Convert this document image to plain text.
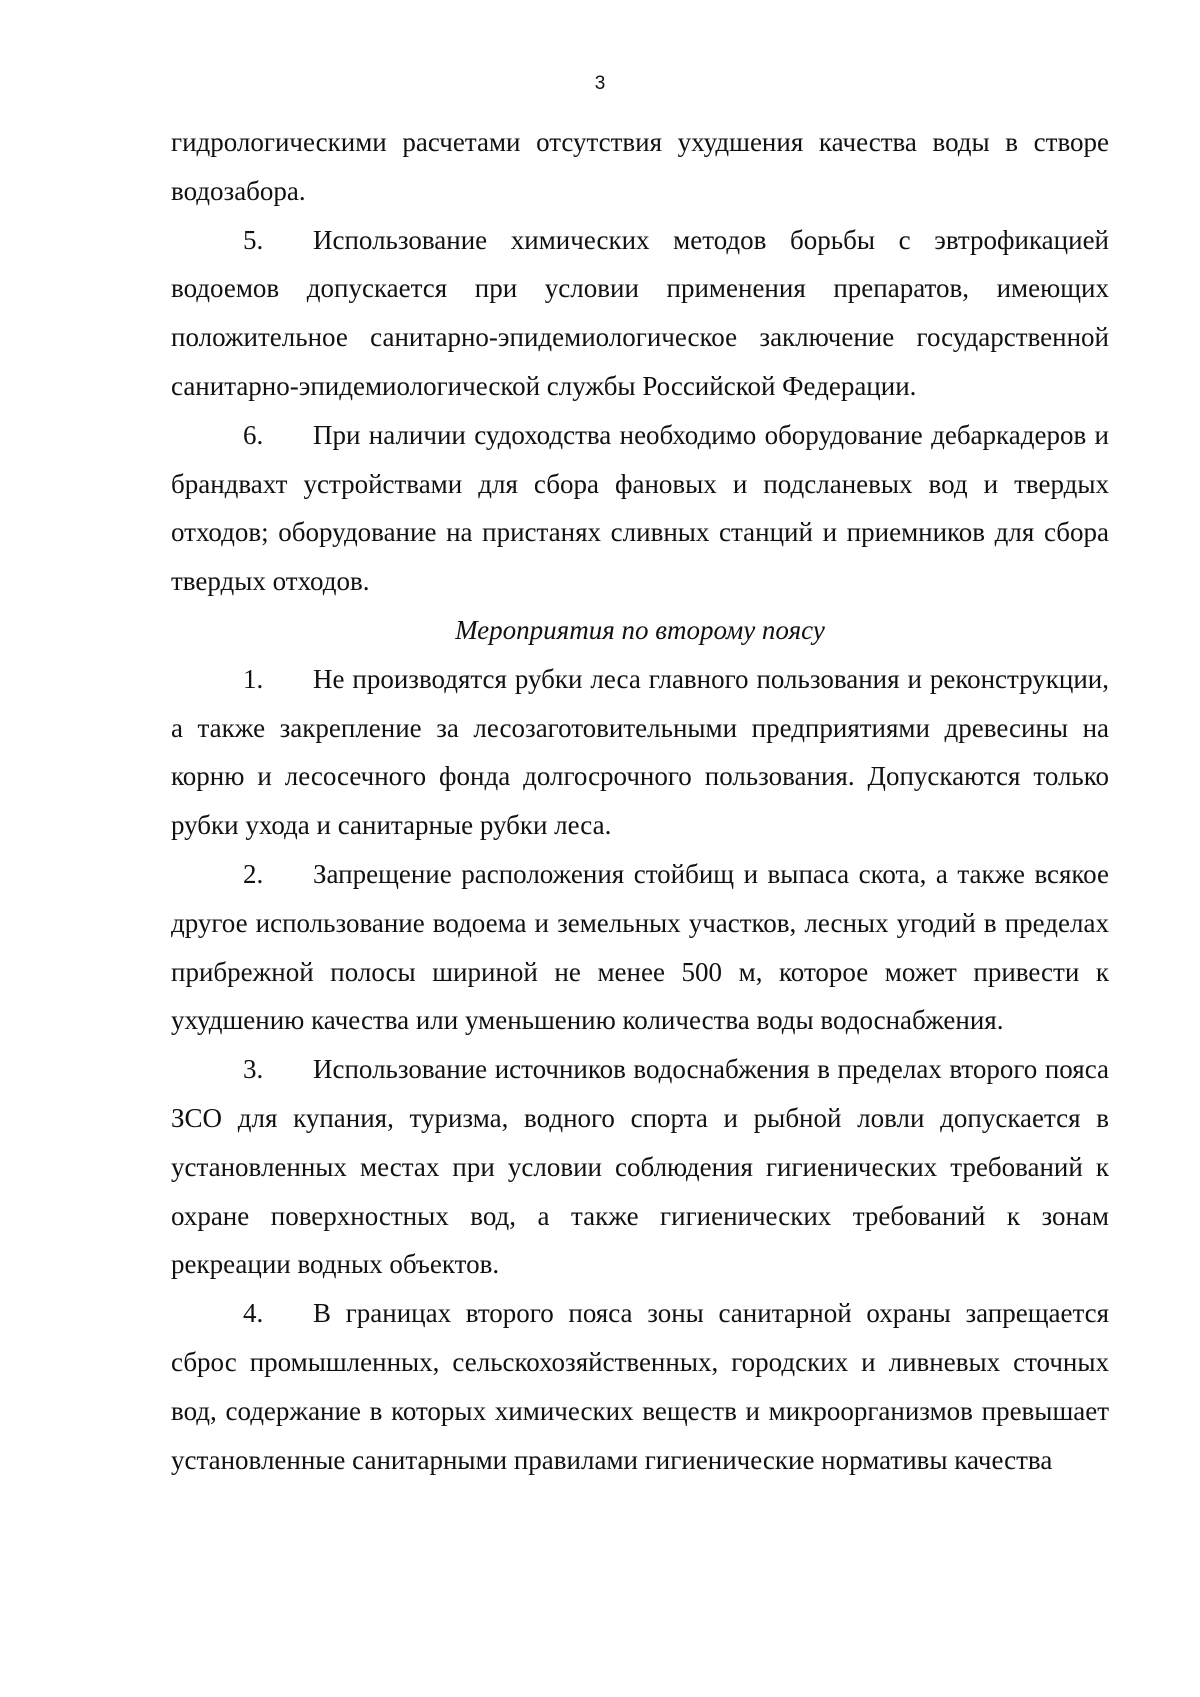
3

гидрологическими расчетами отсутствия ухудшения качества воды в створе водозабора.

5. Использование химических методов борьбы с эвтрофикацией водоемов допускается при условии применения препаратов, имеющих положительное санитарно-эпидемиологическое заключение государственной санитарно-эпидемиологической службы Российской Федерации.

6. При наличии судоходства необходимо оборудование дебаркадеров и брандвахт устройствами для сбора фановых и подсланевых вод и твердых отходов; оборудование на пристанях сливных станций и приемников для сбора твердых отходов.

Мероприятия по второму поясу

1. Не производятся рубки леса главного пользования и реконструкции, а также закрепление за лесозаготовительными предприятиями древесины на корню и лесосечного фонда долгосрочного пользования. Допускаются только рубки ухода и санитарные рубки леса.

2. Запрещение расположения стойбищ и выпаса скота, а также всякое другое использование водоема и земельных участков, лесных угодий в пределах прибрежной полосы шириной не менее 500 м, которое может привести к ухудшению качества или уменьшению количества воды водоснабжения.

3. Использование источников водоснабжения в пределах второго пояса ЗСО для купания, туризма, водного спорта и рыбной ловли допускается в установленных местах при условии соблюдения гигиенических требований к охране поверхностных вод, а также гигиенических требований к зонам рекреации водных объектов.

4. В границах второго пояса зоны санитарной охраны запрещается сброс промышленных, сельскохозяйственных, городских и ливневых сточных вод, содержание в которых химических веществ и микроорганизмов превышает установленные санитарными правилами гигиенические нормативы качества
